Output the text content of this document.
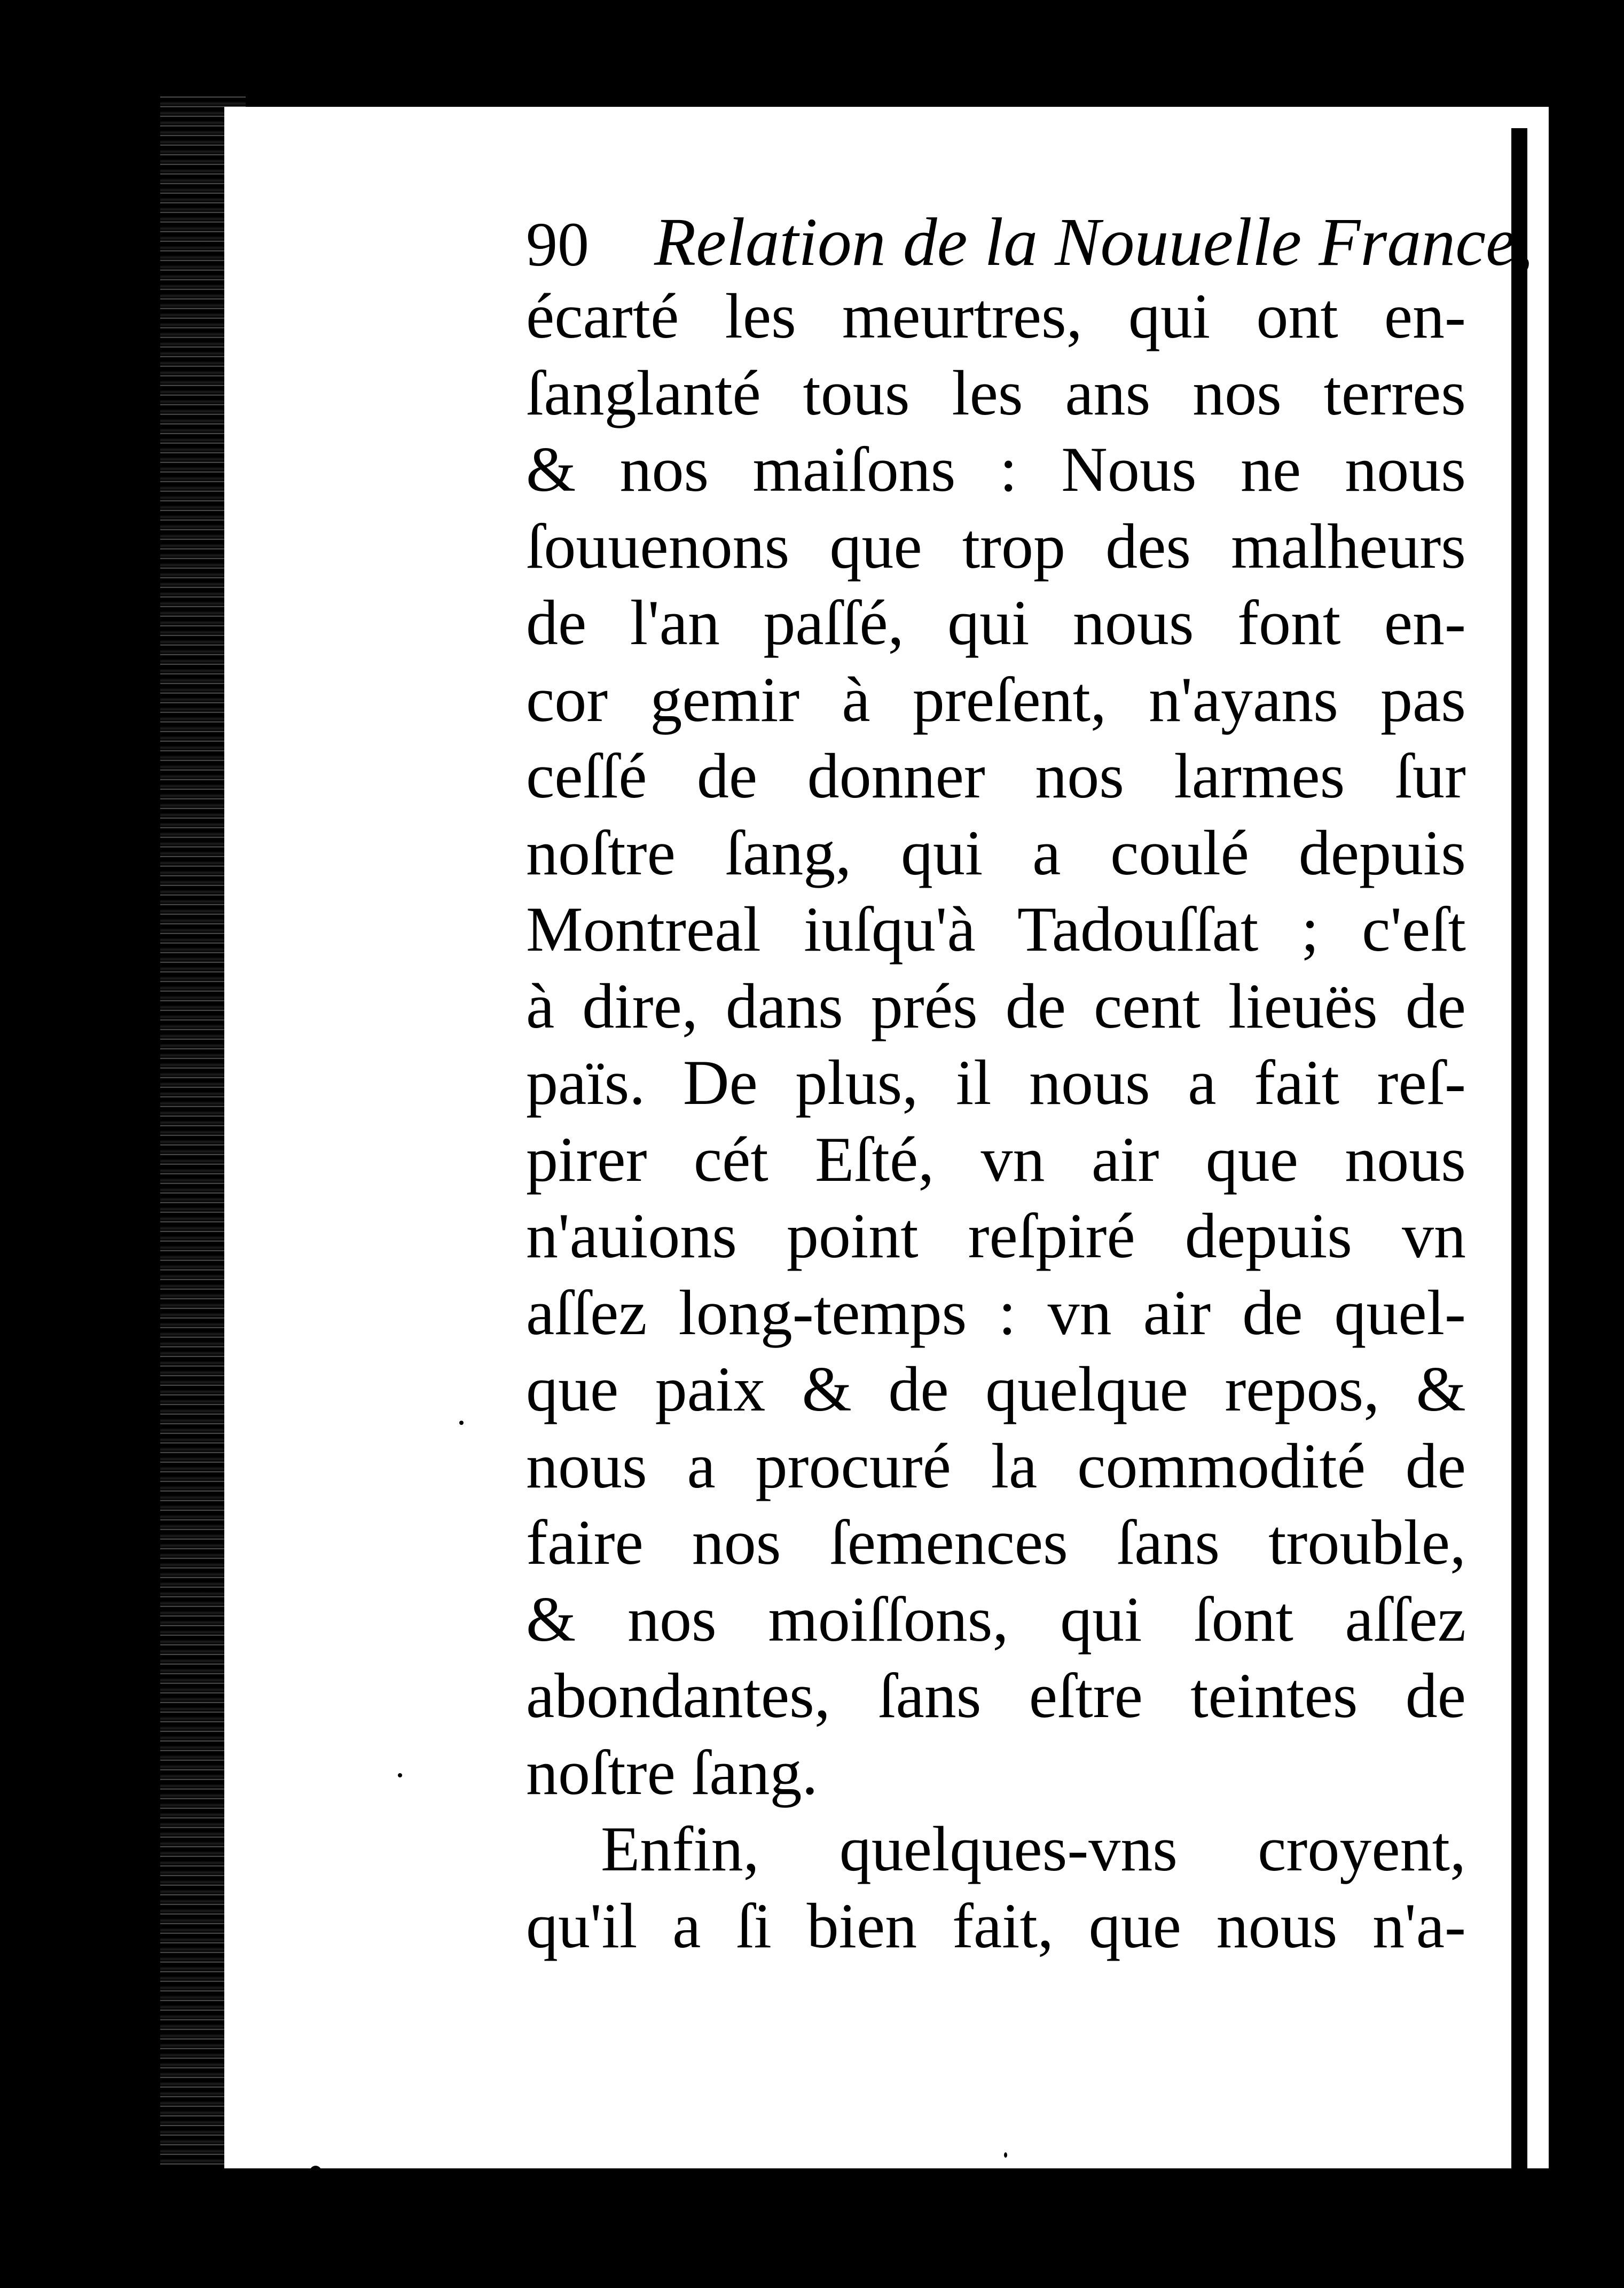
90 Relation de la Nouuelle France,
écarté les meurtres, qui ont en-
ſanglanté tous les ans nos terres
& nos maiſons : Nous ne nous
ſouuenons que trop des malheurs
de l'an paſſé, qui nous font en-
cor gemir à preſent, n'ayans pas
ceſſé de donner nos larmes ſur
noſtre ſang, qui a coulé depuis
Montreal iuſqu'à Tadouſſat ; c'eſt
à dire, dans prés de cent lieuës de
païs. De plus, il nous a fait reſ-
pirer cét Eſté, vn air que nous
n'auions point reſpiré depuis vn
aſſez long-temps : vn air de quel-
que paix & de quelque repos, &
nous a procuré la commodité de
faire nos ſemences ſans trouble,
& nos moiſſons, qui ſont aſſez
abondantes, ſans eſtre teintes de
noſtre ſang.
Enfin, quelques-vns croyent,
qu'il a ſi bien fait, que nous n'a-
